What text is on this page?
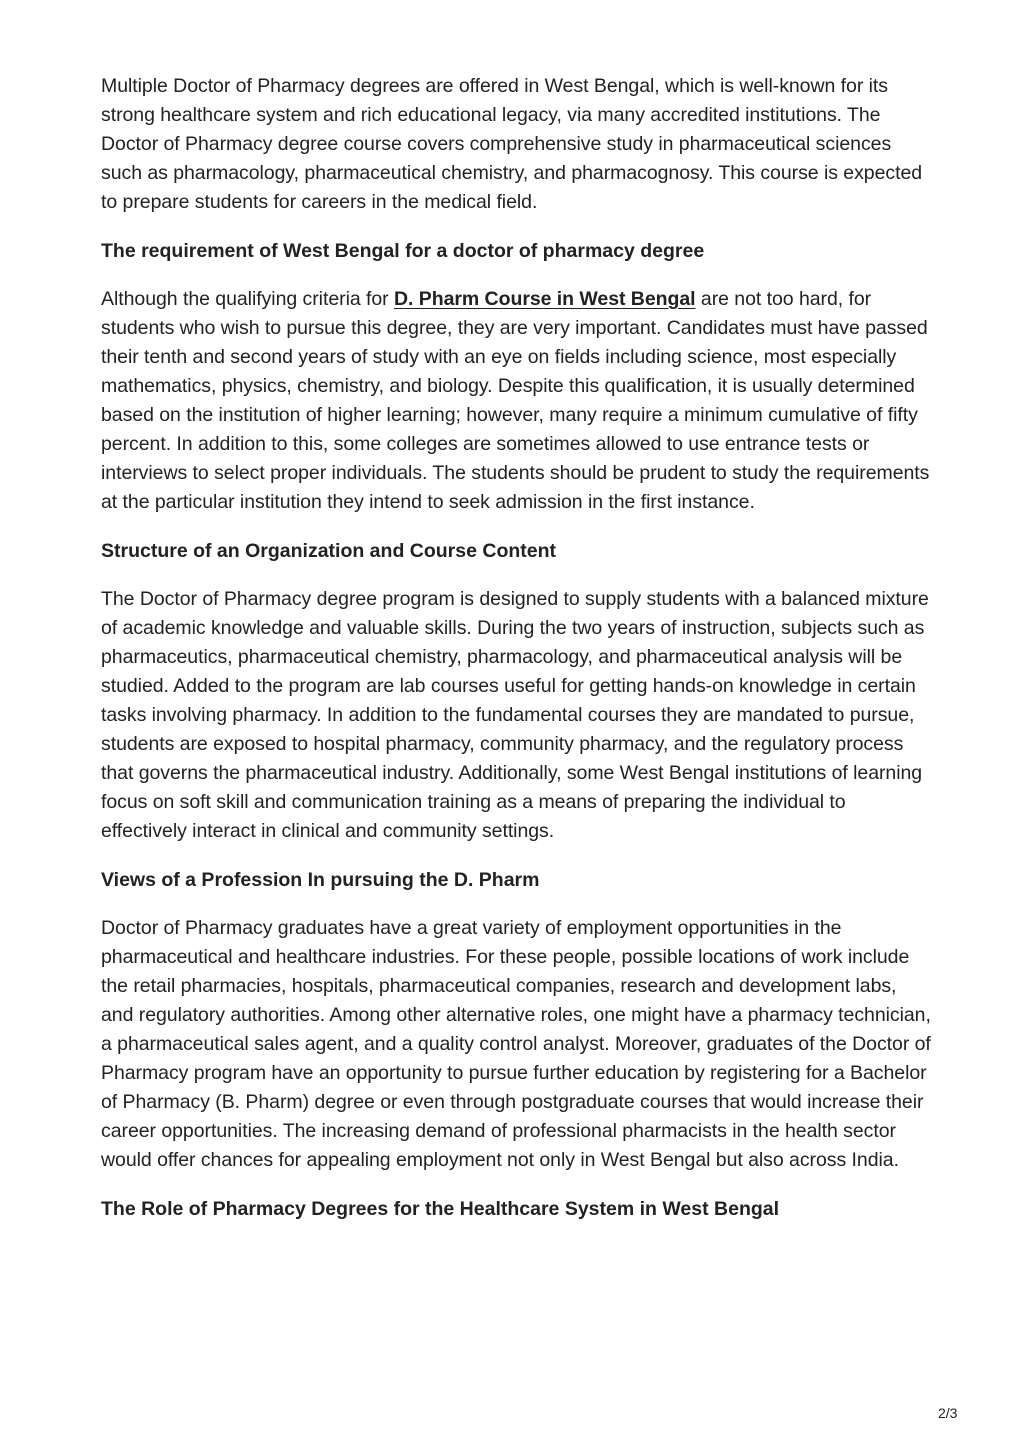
Multiple Doctor of Pharmacy degrees are offered in West Bengal, which is well-known for its strong healthcare system and rich educational legacy, via many accredited institutions. The Doctor of Pharmacy degree course covers comprehensive study in pharmaceutical sciences such as pharmacology, pharmaceutical chemistry, and pharmacognosy. This course is expected to prepare students for careers in the medical field.

The requirement of West Bengal for a doctor of pharmacy degree

Although the qualifying criteria for D. Pharm Course in West Bengal are not too hard, for students who wish to pursue this degree, they are very important. Candidates must have passed their tenth and second years of study with an eye on fields including science, most especially mathematics, physics, chemistry, and biology. Despite this qualification, it is usually determined based on the institution of higher learning; however, many require a minimum cumulative of fifty percent. In addition to this, some colleges are sometimes allowed to use entrance tests or interviews to select proper individuals. The students should be prudent to study the requirements at the particular institution they intend to seek admission in the first instance.

Structure of an Organization and Course Content

The Doctor of Pharmacy degree program is designed to supply students with a balanced mixture of academic knowledge and valuable skills. During the two years of instruction, subjects such as pharmaceutics, pharmaceutical chemistry, pharmacology, and pharmaceutical analysis will be studied. Added to the program are lab courses useful for getting hands-on knowledge in certain tasks involving pharmacy. In addition to the fundamental courses they are mandated to pursue, students are exposed to hospital pharmacy, community pharmacy, and the regulatory process that governs the pharmaceutical industry. Additionally, some West Bengal institutions of learning focus on soft skill and communication training as a means of preparing the individual to effectively interact in clinical and community settings.

Views of a Profession In pursuing the D. Pharm

Doctor of Pharmacy graduates have a great variety of employment opportunities in the pharmaceutical and healthcare industries. For these people, possible locations of work include the retail pharmacies, hospitals, pharmaceutical companies, research and development labs, and regulatory authorities. Among other alternative roles, one might have a pharmacy technician, a pharmaceutical sales agent, and a quality control analyst. Moreover, graduates of the Doctor of Pharmacy program have an opportunity to pursue further education by registering for a Bachelor of Pharmacy (B. Pharm) degree or even through postgraduate courses that would increase their career opportunities. The increasing demand of professional pharmacists in the health sector would offer chances for appealing employment not only in West Bengal but also across India.

The Role of Pharmacy Degrees for the Healthcare System in West Bengal
2/3
